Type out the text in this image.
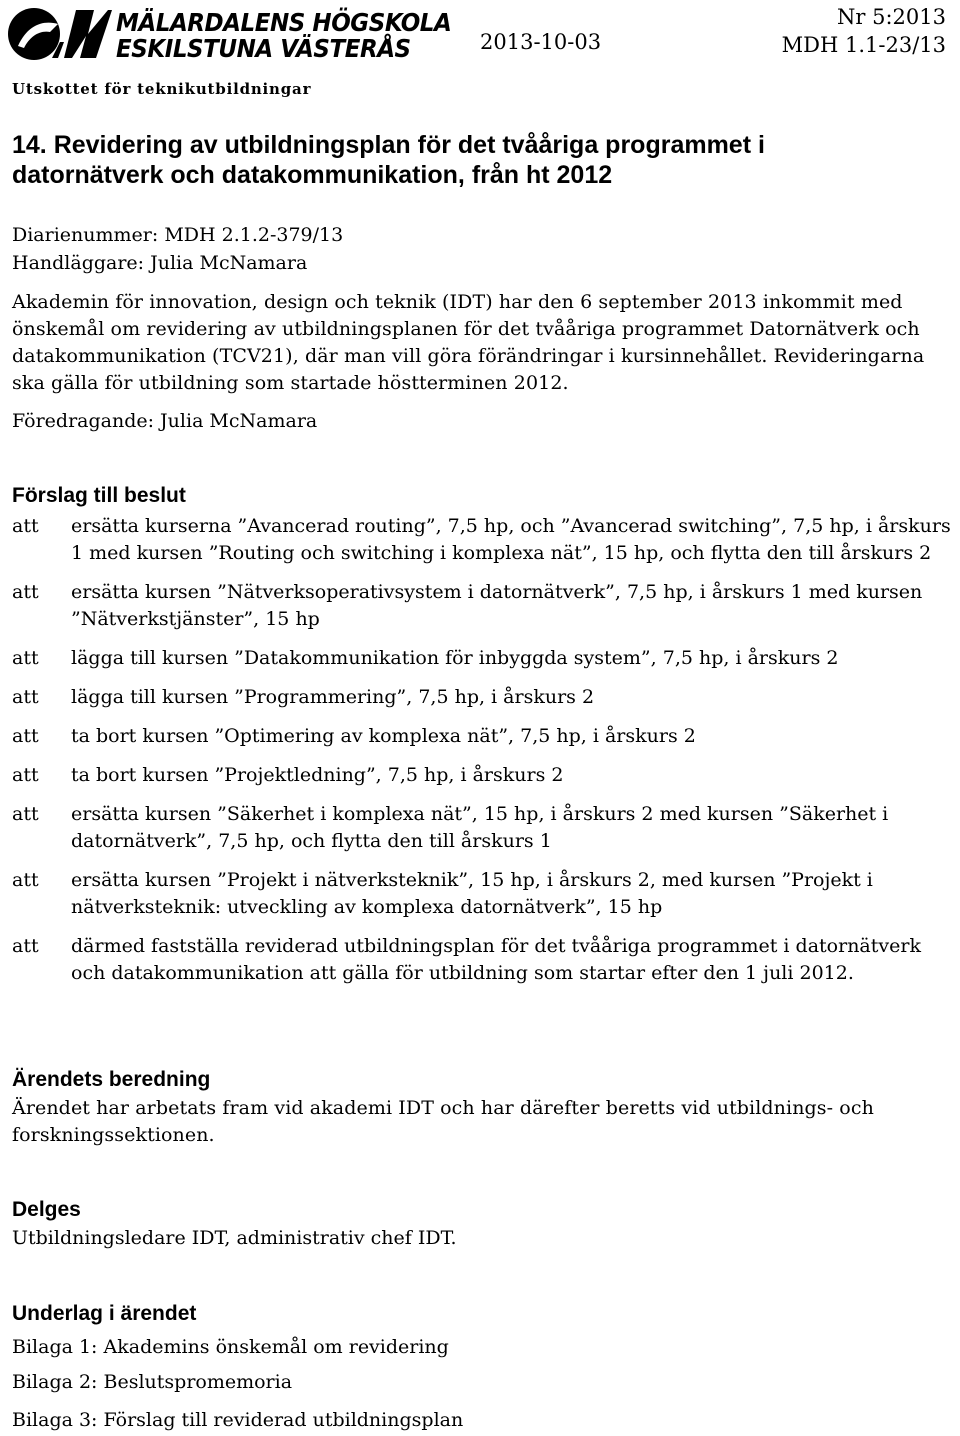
MÄLARDALENS HÖGSKOLA
ESKILSTUNA VÄSTERÅS	2013-10-03
Nr 5:2013
MDH 1.1-23/13
Utskottet för teknikutbildningar
14. Revidering av utbildningsplan för det tvååriga programmet i datornätverk och datakommunikation, från ht 2012
Diarienummer: MDH 2.1.2-379/13
Handläggare: Julia McNamara
Akademin för innovation, design och teknik (IDT) har den 6 september 2013 inkommit med önskemål om revidering av utbildningsplanen för det tvååriga programmet Datornätverk och datakommunikation (TCV21), där man vill göra förändringar i kursinnehållet. Revideringarna ska gälla för utbildning som startade höstterminen 2012.
Föredragande: Julia McNamara
Förslag till beslut
att ersätta kurserna ”Avancerad routing”, 7,5 hp, och ”Avancerad switching”, 7,5 hp, i årskurs 1 med kursen ”Routing och switching i komplexa nät”, 15 hp, och flytta den till årskurs 2
att ersätta kursen ”Nätverksoperativsystem i datornätverk”, 7,5 hp, i årskurs 1 med kursen ”Nätverkstjänster”, 15 hp
att lägga till kursen ”Datakommunikation för inbyggda system”, 7,5 hp, i årskurs 2
att lägga till kursen ”Programmering”, 7,5 hp, i årskurs 2
att ta bort kursen ”Optimering av komplexa nät”, 7,5 hp, i årskurs 2
att ta bort kursen ”Projektledning”, 7,5 hp, i årskurs 2
att ersätta kursen ”Säkerhet i komplexa nät”, 15 hp, i årskurs 2 med kursen ”Säkerhet i datornätverk”, 7,5 hp, och flytta den till årskurs 1
att ersätta kursen ”Projekt i nätverksteknik”, 15 hp, i årskurs 2, med kursen ”Projekt i nätverksteknik: utveckling av komplexa datornätverk”, 15 hp
att därmed fastställa reviderad utbildningsplan för det tvååriga programmet i datornätverk och datakommunikation att gälla för utbildning som startar efter den 1 juli 2012.
Ärendets beredning
Ärendet har arbetats fram vid akademi IDT och har därefter beretts vid utbildnings- och forskningssektionen.
Delges
Utbildningsledare IDT, administrativ chef IDT.
Underlag i ärendet
Bilaga 1: Akademins önskemål om revidering
Bilaga 2: Beslutspromemoria
Bilaga 3: Förslag till reviderad utbildningsplan
